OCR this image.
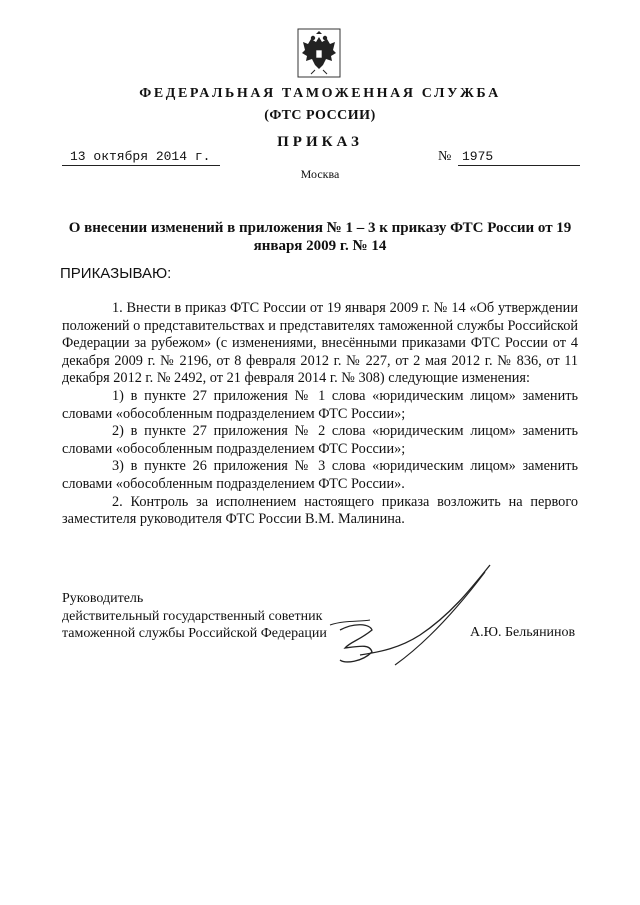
ФЕДЕРАЛЬНАЯ ТАМОЖЕННАЯ СЛУЖБА
(ФТС РОССИИ)
ПРИКАЗ
13 октября 2014 г.	№ 1975
Москва
О внесении изменений в приложения № 1 – 3 к приказу ФТС России от 19 января 2009 г. № 14
ПРИКАЗЫВАЮ:

1. Внести в приказ ФТС России от 19 января 2009 г. № 14 «Об утверждении положений о представительствах и представителях таможенной службы Российской Федерации за рубежом» (с изменениями, внесёнными приказами ФТС России от 4 декабря 2009 г. № 2196, от 8 февраля 2012 г. № 227, от 2 мая 2012 г. № 836, от 11 декабря 2012 г. № 2492, от 21 февраля 2014 г. № 308) следующие изменения:

1) в пункте 27 приложения № 1 слова «юридическим лицом» заменить словами «обособленным подразделением ФТС России»;

2) в пункте 27 приложения № 2 слова «юридическим лицом» заменить словами «обособленным подразделением ФТС России»;

3) в пункте 26 приложения № 3 слова «юридическим лицом» заменить словами «обособленным подразделением ФТС России».

2. Контроль за исполнением настоящего приказа возложить на первого заместителя руководителя ФТС России В.М. Малинина.

Руководитель
действительный государственный советник
таможенной службы Российской Федерации	А.Ю. Бельянинов
